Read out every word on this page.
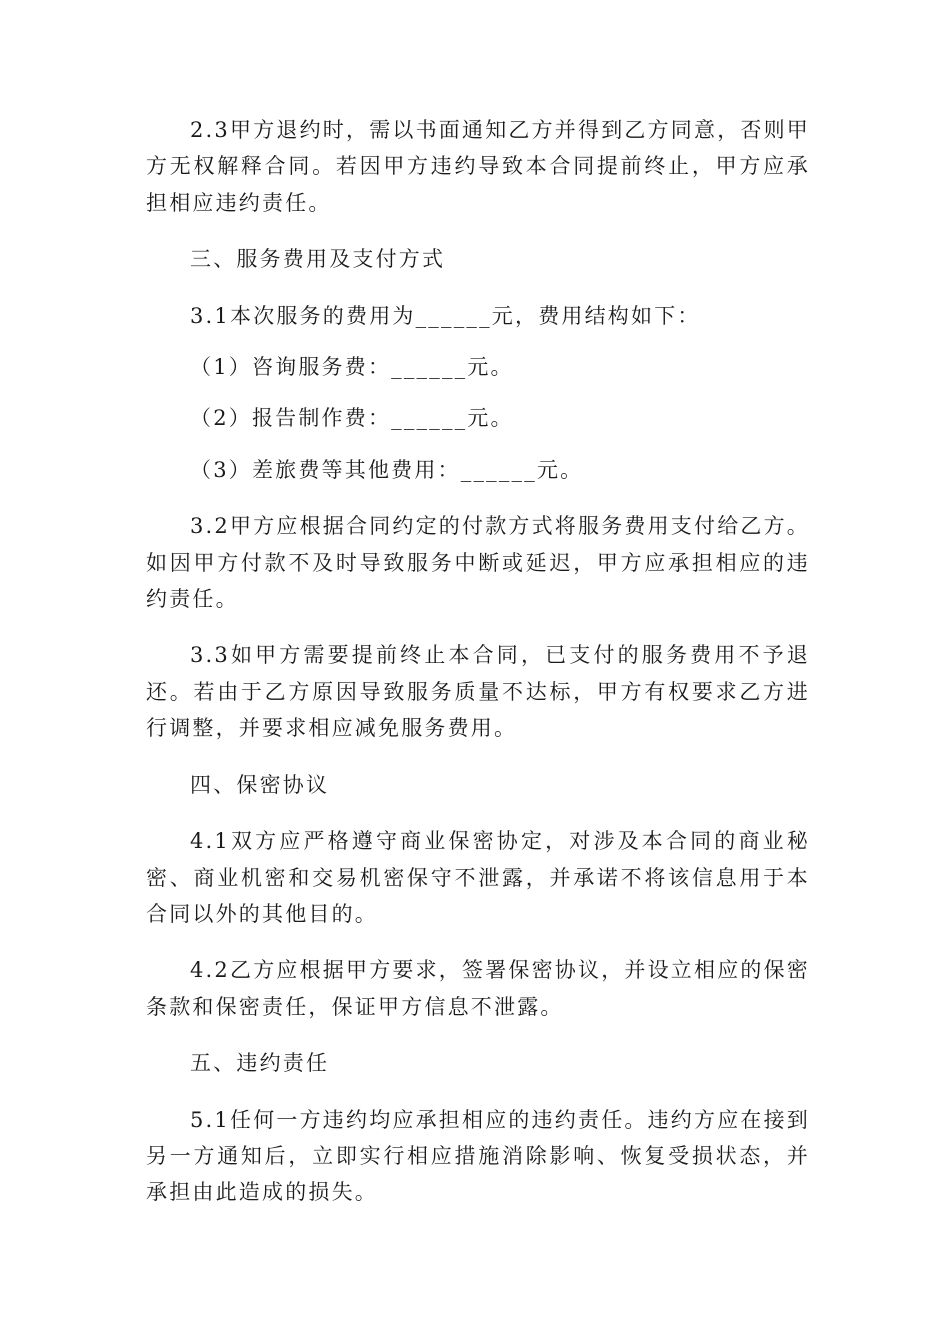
2.3甲方退约时，需以书面通知乙方并得到乙方同意，否则甲方无权解释合同。若因甲方违约导致本合同提前终止，甲方应承担相应违约责任。

三、服务费用及支付方式

3.1本次服务的费用为______元，费用结构如下：

（1）咨询服务费：______元。

（2）报告制作费：______元。

（3）差旅费等其他费用：______元。

3.2甲方应根据合同约定的付款方式将服务费用支付给乙方。如因甲方付款不及时导致服务中断或延迟，甲方应承担相应的违约责任。

3.3如甲方需要提前终止本合同，已支付的服务费用不予退还。若由于乙方原因导致服务质量不达标，甲方有权要求乙方进行调整，并要求相应减免服务费用。

四、保密协议

4.1双方应严格遵守商业保密协定，对涉及本合同的商业秘密、商业机密和交易机密保守不泄露，并承诺不将该信息用于本合同以外的其他目的。

4.2乙方应根据甲方要求，签署保密协议，并设立相应的保密条款和保密责任，保证甲方信息不泄露。

五、违约责任

5.1任何一方违约均应承担相应的违约责任。违约方应在接到另一方通知后，立即实行相应措施消除影响、恢复受损状态，并承担由此造成的损失。
